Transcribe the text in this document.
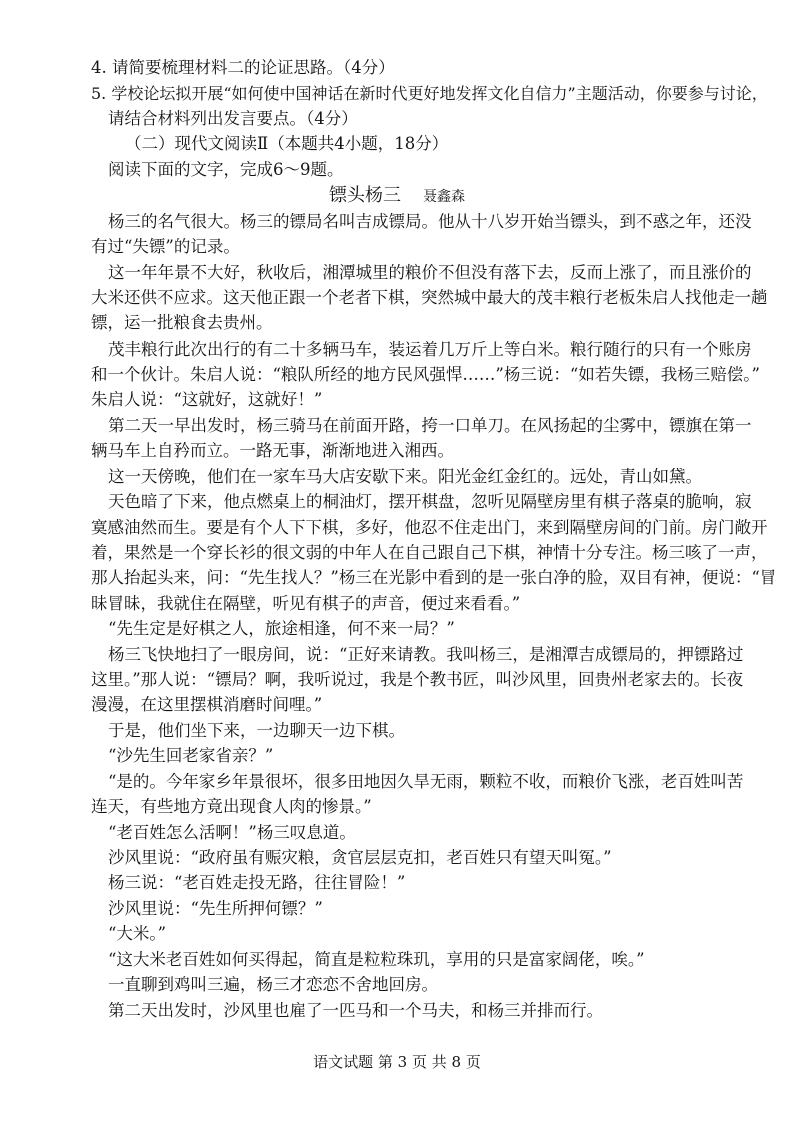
4. 请简要梳理材料二的论证思路。（4分）
5. 学校论坛拟开展“如何使中国神话在新时代更好地发挥文化自信力”主题活动，你要参与讨论，
请结合材料列出发言要点。（4分）
（二）现代文阅读Ⅱ（本题共4小题，18分）
阅读下面的文字，完成6～9题。
镖头杨三 聂鑫森
杨三的名气很大。杨三的镖局名叫吉成镖局。他从十八岁开始当镖头，到不惑之年，还没
有过“失镖”的记录。
这一年年景不大好，秋收后，湘潭城里的粮价不但没有落下去，反而上涨了，而且涨价的
大米还供不应求。这天他正跟一个老者下棋，突然城中最大的茂丰粮行老板朱启人找他走一趟
镖，运一批粮食去贵州。
茂丰粮行此次出行的有二十多辆马车，装运着几万斤上等白米。粮行随行的只有一个账房
和一个伙计。朱启人说：“粮队所经的地方民风强悍……”杨三说：“如若失镖，我杨三赔偿。”
朱启人说：“这就好，这就好！”
第二天一早出发时，杨三骑马在前面开路，挎一口单刀。在风扬起的尘雾中，镖旗在第一
辆马车上自矜而立。一路无事，渐渐地进入湘西。
这一天傍晚，他们在一家车马大店安歇下来。阳光金红金红的。远处，青山如黛。
天色暗了下来，他点燃桌上的桐油灯，摆开棋盘，忽听见隔壁房里有棋子落桌的脆响，寂
寞感油然而生。要是有个人下下棋，多好，他忍不住走出门，来到隔壁房间的门前。房门敞开
着，果然是一个穿长衫的很文弱的中年人在自己跟自己下棋，神情十分专注。杨三咳了一声，
那人抬起头来，问：“先生找人？”杨三在光影中看到的是一张白净的脸，双目有神，便说：“冒
昧冒昧，我就住在隔壁，听见有棋子的声音，便过来看看。”
“先生定是好棋之人，旅途相逢，何不来一局？”
杨三飞快地扫了一眼房间，说：“正好来请教。我叫杨三，是湘潭吉成镖局的，押镖路过
这里。”那人说：“镖局？啊，我听说过，我是个教书匠，叫沙风里，回贵州老家去的。长夜
漫漫，在这里摆棋消磨时间哩。”
于是，他们坐下来，一边聊天一边下棋。
“沙先生回老家省亲？”
“是的。今年家乡年景很坏，很多田地因久旱无雨，颗粒不收，而粮价飞涨，老百姓叫苦
连天，有些地方竟出现食人肉的惨景。”
“老百姓怎么活啊！”杨三叹息道。
沙风里说：“政府虽有赈灾粮，贪官层层克扣，老百姓只有望天叫冤。”
杨三说：“老百姓走投无路，往往冒险！”
沙风里说：“先生所押何镖？”
“大米。”
“这大米老百姓如何买得起，简直是粒粒珠玑，享用的只是富家阔佬，唉。”
一直聊到鸡叫三遍，杨三才恋恋不舍地回房。
第二天出发时，沙风里也雇了一匹马和一个马夫，和杨三并排而行。
语文试题 第 3 页 共 8 页
